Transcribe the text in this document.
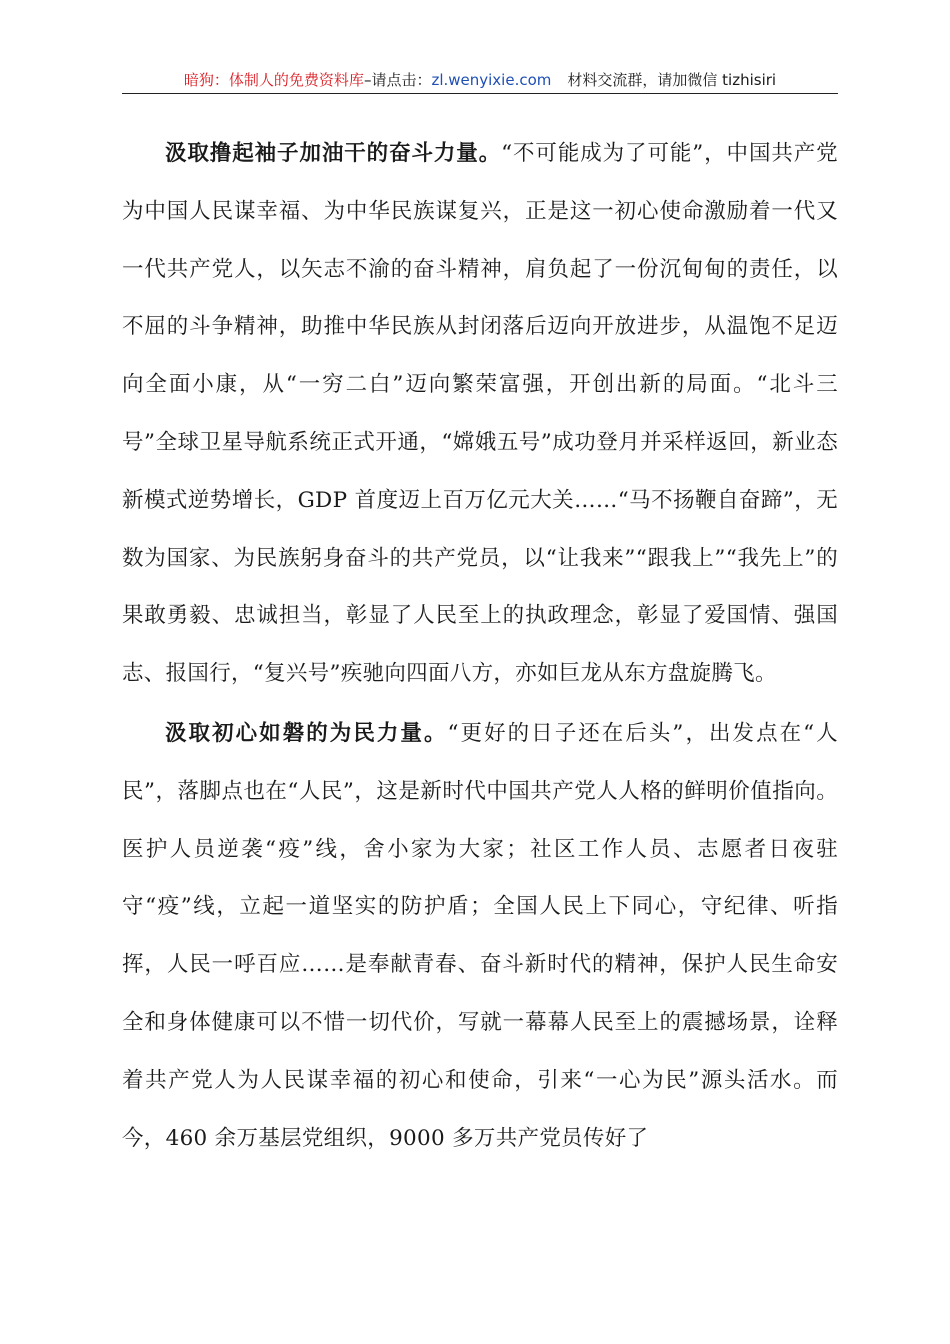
暗狗：体制人的免费资料库–请点击：zl.wenyixie.com 材料交流群，请加微信 tizhisiri

汲取撸起袖子加油干的奋斗力量。“不可能成为了可能”，中国共产党为中国人民谋幸福、为中华民族谋复兴，正是这一初心使命激励着一代又一代共产党人，以矢志不渝的奋斗精神，肩负起了一份沉甸甸的责任，以不屈的斗争精神，助推中华民族从封闭落后迈向开放进步，从温饱不足迈向全面小康，从“一穷二白”迈向繁荣富强，开创出新的局面。“北斗三号”全球卫星导航系统正式开通，“嫦娥五号”成功登月并采样返回，新业态新模式逆势增长，GDP 首度迈上百万亿元大关……“马不扬鞭自奋蹄”，无数为国家、为民族躬身奋斗的共产党员，以“让我来”“跟我上”“我先上”的果敢勇毅、忠诚担当，彰显了人民至上的执政理念，彰显了爱国情、强国志、报国行，“复兴号”疾驰向四面八方，亦如巨龙从东方盘旋腾飞。

汲取初心如磐的为民力量。“更好的日子还在后头”，出发点在“人民”，落脚点也在“人民”，这是新时代中国共产党人人格的鲜明价值指向。医护人员逆袭“疫”线，舍小家为大家；社区工作人员、志愿者日夜驻守“疫”线，立起一道坚实的防护盾；全国人民上下同心，守纪律、听指挥，人民一呼百应……是奉献青春、奋斗新时代的精神，保护人民生命安全和身体健康可以不惜一切代价，写就一幕幕人民至上的震撼场景，诠释着共产党人为人民谋幸福的初心和使命，引来“一心为民”源头活水。而今，460 余万基层党组织，9000 多万共产党员传好了
